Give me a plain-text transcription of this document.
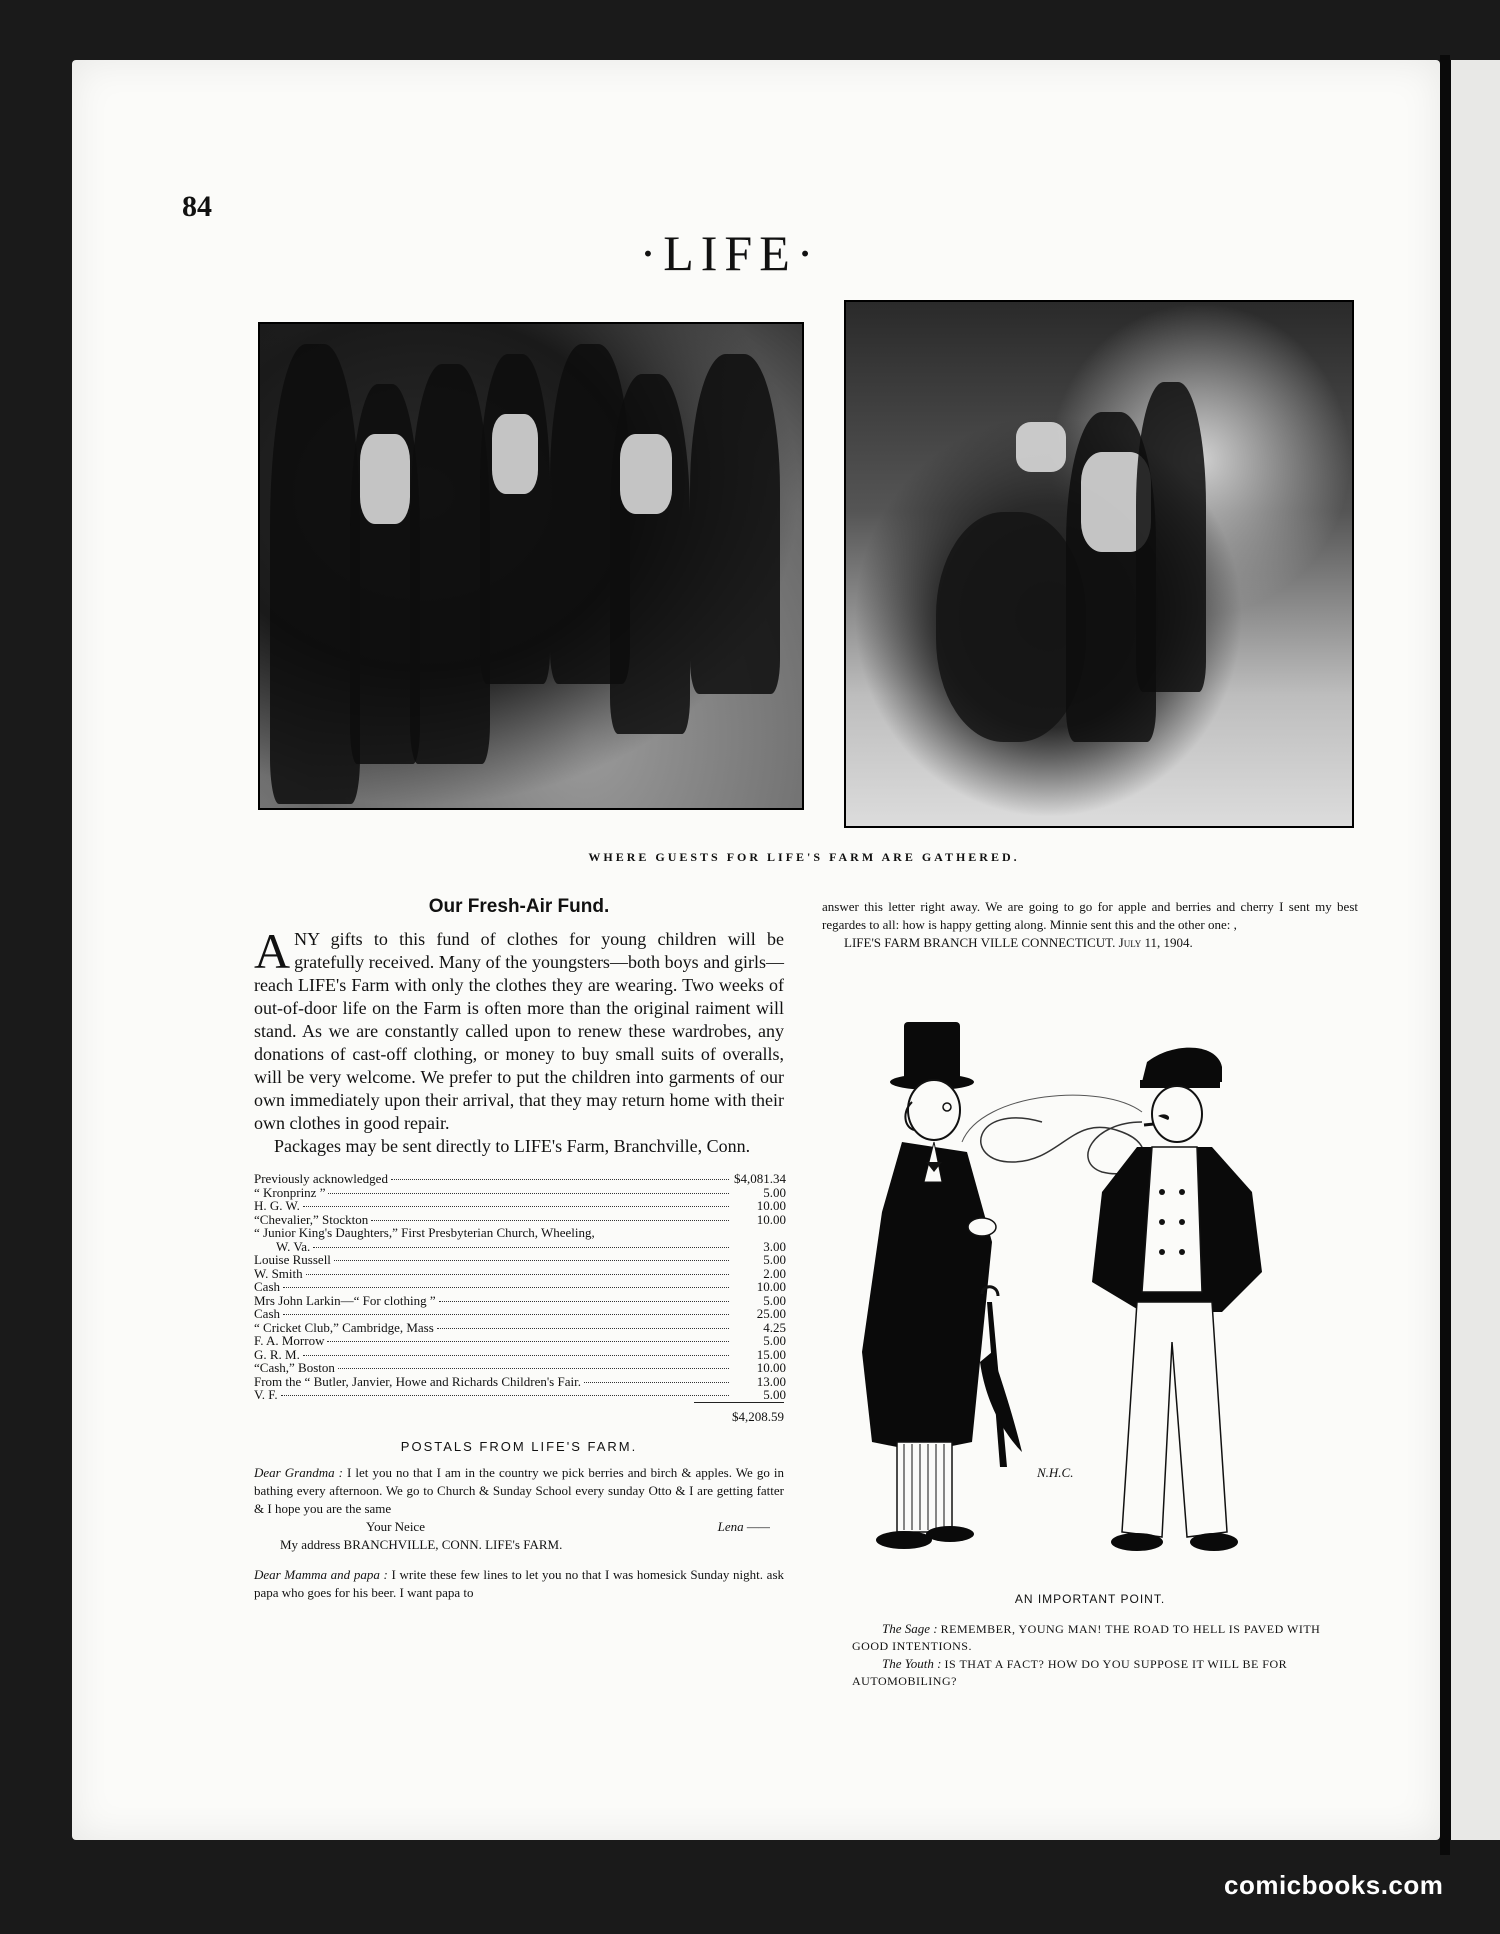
84
·LIFE·
WHERE GUESTS FOR LIFE'S FARM ARE GATHERED.
Our Fresh-Air Fund.

ANY gifts to this fund of clothes for young children will be gratefully received. Many of the youngsters—both boys and girls—reach LIFE's Farm with only the clothes they are wearing. Two weeks of out-of-door life on the Farm is often more than the original raiment will stand. As we are constantly called upon to renew these wardrobes, any donations of cast-off clothing, or money to buy small suits of overalls, will be very welcome. We prefer to put the children into garments of our own immediately upon their arrival, that they may return home with their own clothes in good repair.

Packages may be sent directly to LIFE's Farm, Branchville, Conn.

Previously acknowledged	$4,081.34
“ Kronprinz ”	5.00
H. G. W.	10.00
“Chevalier,” Stockton	10.00
“ Junior King's Daughters,” First Presbyterian Church, Wheeling,
W. Va.	3.00
Louise Russell	5.00
W. Smith	2.00
Cash	10.00
Mrs John Larkin—“ For clothing ”	5.00
Cash	25.00
“ Cricket Club,” Cambridge, Mass	4.25
F. A. Morrow	5.00
G. R. M.	15.00
“Cash,” Boston	10.00
From the “ Butler, Janvier, Howe and Richards Children's Fair.	13.00
V. F.	5.00
$4,208.59
POSTALS FROM LIFE'S FARM.

Dear Grandma : I let you no that I am in the country we pick berries and birch & apples. We go in bathing every afternoon. We go to Church & Sunday School every sunday Otto & I are getting fatter & I hope you are the same

Your Neice	Lena ——
My address BRANCHVILLE, CONN. LIFE's FARM.

Dear Mamma and papa : I write these few lines to let you no that I was homesick Sunday night. ask papa who goes for his beer. I want papa to

answer this letter right away. We are going to go for apple and berries and cherry I sent my best regardes to all: how is happy getting along. Minnie sent this and the other one: ,

LIFE'S FARM BRANCH VILLE CONNECTICUT. July 11, 1904.
N.H.C.
AN IMPORTANT POINT.
The Sage : REMEMBER, YOUNG MAN! THE ROAD TO HELL IS PAVED WITH GOOD INTENTIONS.
The Youth : IS THAT A FACT? HOW DO YOU SUPPOSE IT WILL BE FOR AUTOMOBILING?
comicbooks.com
